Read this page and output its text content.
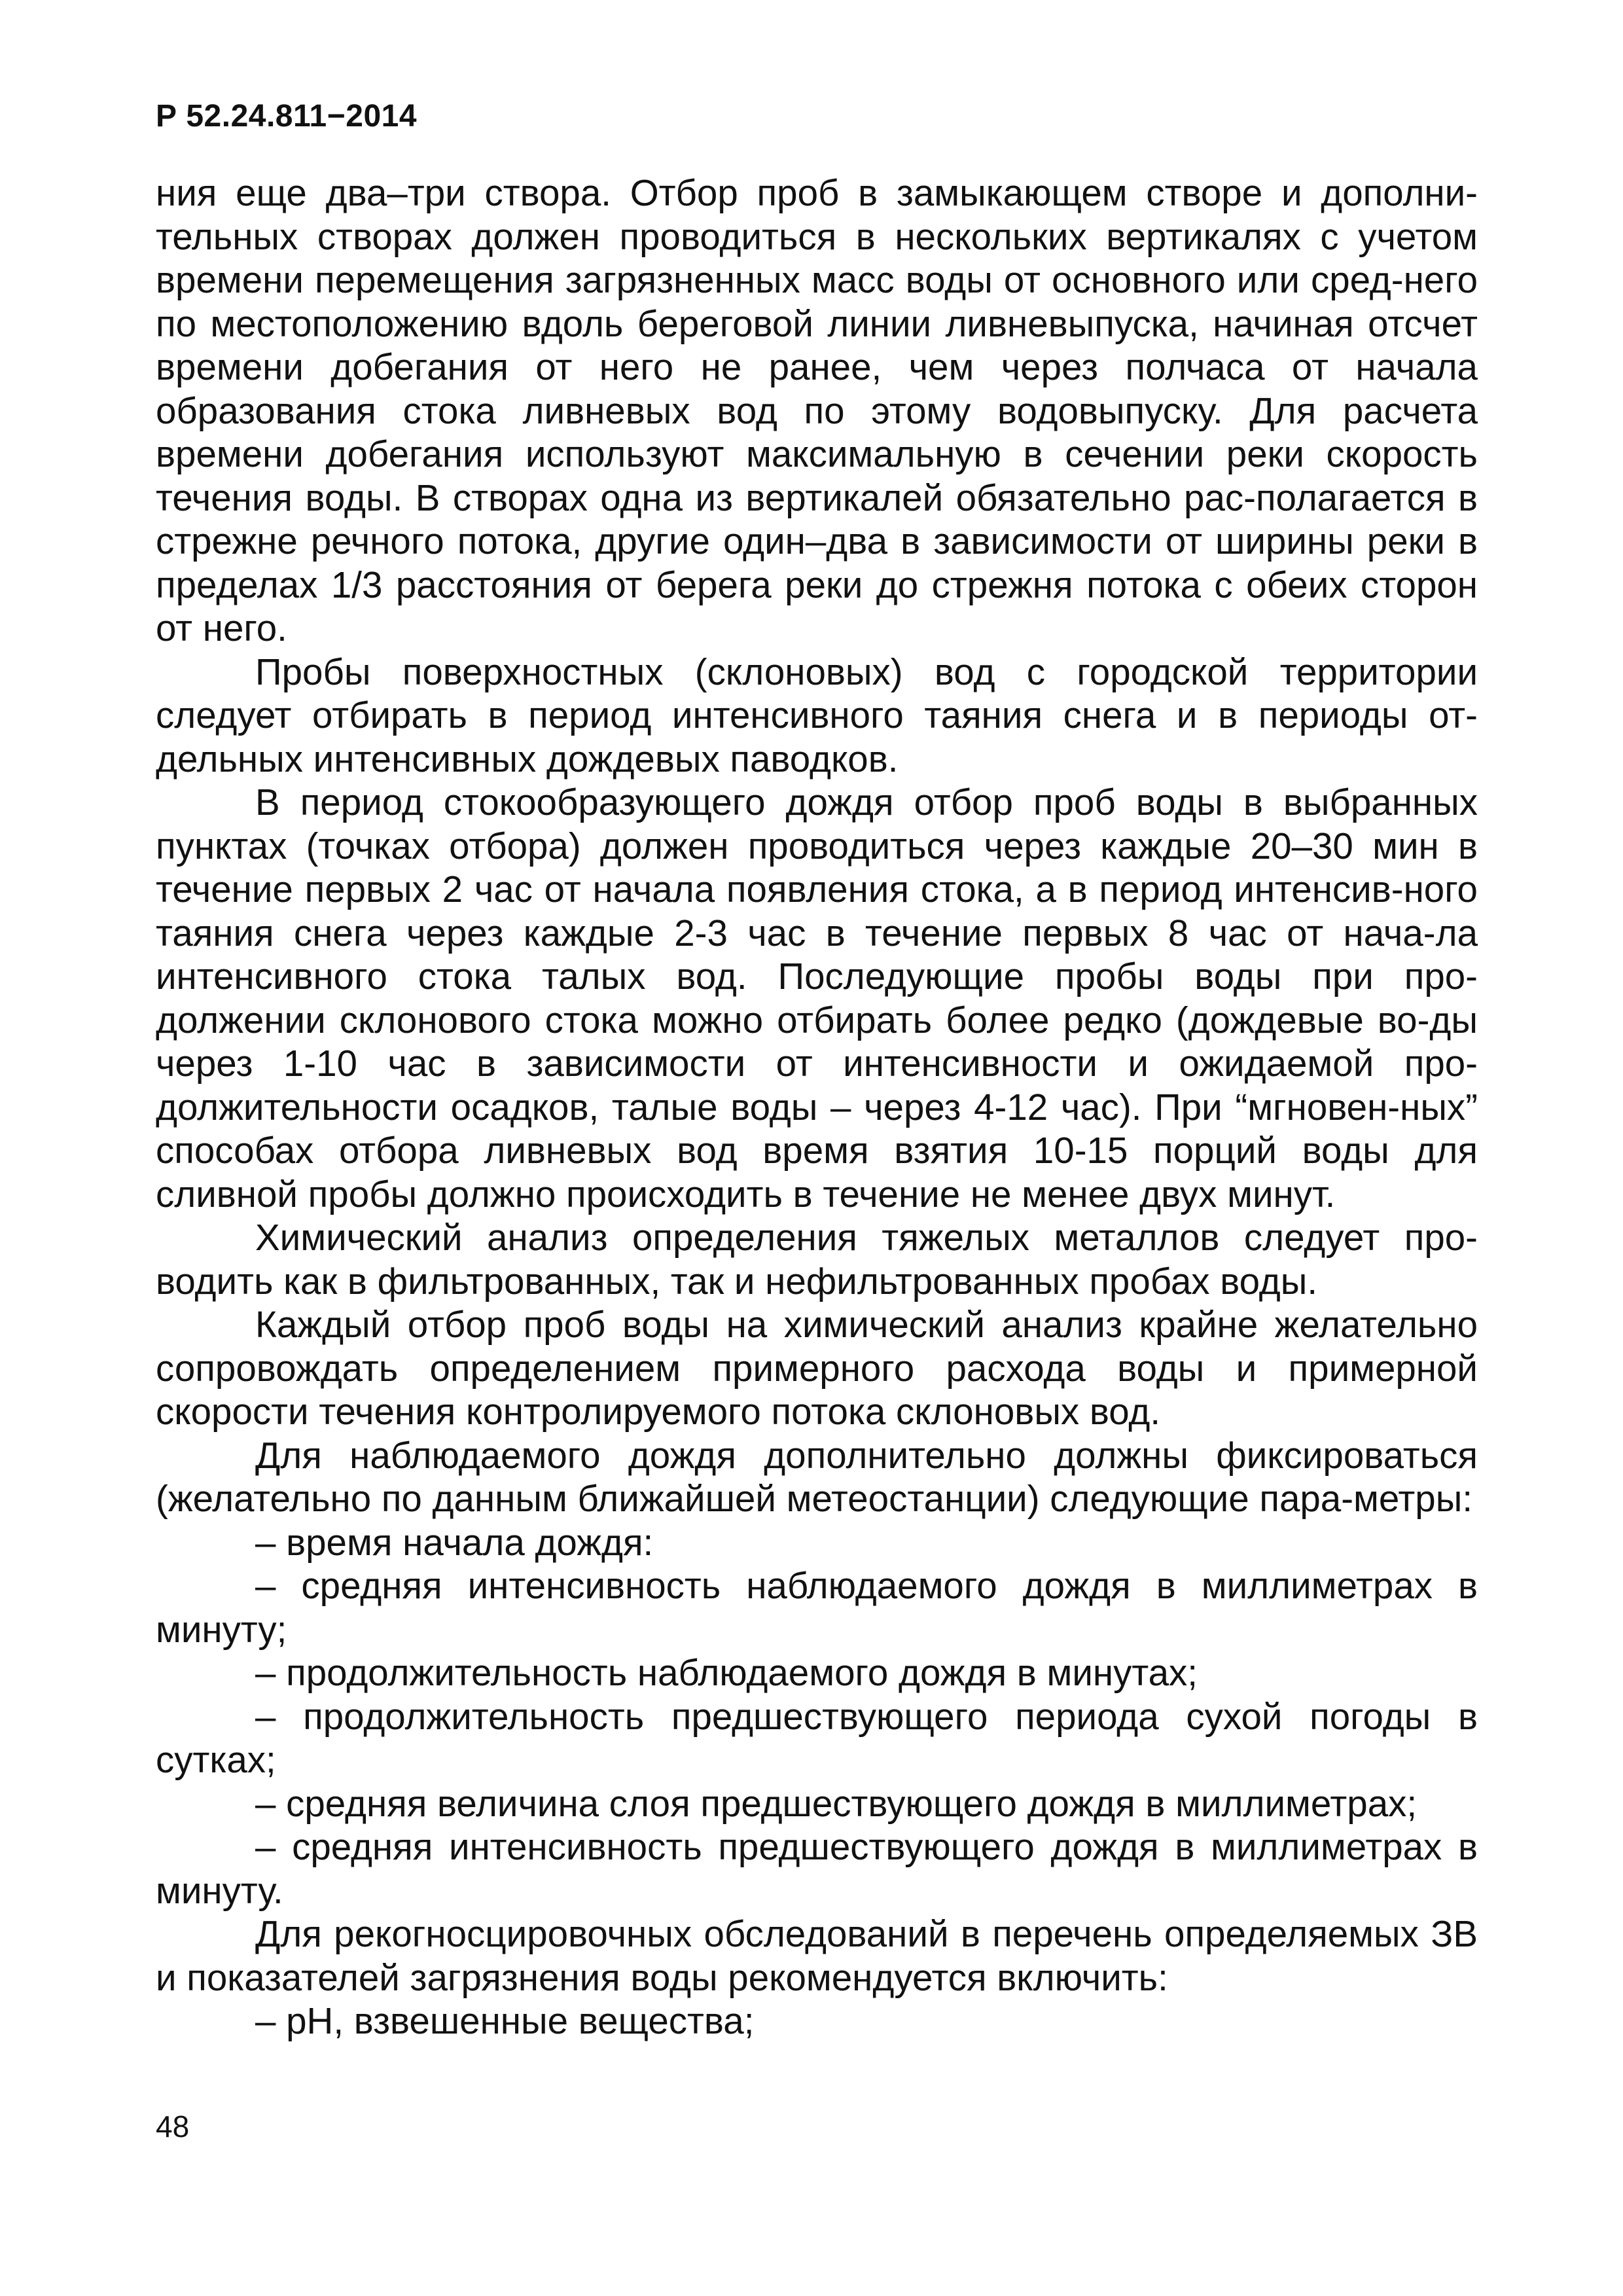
Р 52.24.811−2014

ния еще два–три створа. Отбор проб в замыкающем створе и дополни-тельных створах должен проводиться в нескольких вертикалях с учетом времени перемещения загрязненных масс воды от основного или сред-него по местоположению вдоль береговой линии ливневыпуска, начиная отсчет времени добегания от него не ранее, чем через полчаса от начала образования стока ливневых вод по этому водовыпуску. Для расчета времени добегания используют максимальную в сечении реки скорость течения воды. В створах одна из вертикалей обязательно рас-полагается в стрежне речного потока, другие один–два в зависимости от ширины реки в пределах 1/3 расстояния от берега реки до стрежня потока с обеих сторон от него.

Пробы поверхностных (склоновых) вод с городской территории следует отбирать в период интенсивного таяния снега и в периоды от-дельных интенсивных дождевых паводков.

В период стокообразующего дождя отбор проб воды в выбранных пунктах (точках отбора) должен проводиться через каждые 20–30 мин в течение первых 2 час от начала появления стока, а в период интенсив-ного таяния снега через каждые 2-3 час в течение первых 8 час от нача-ла интенсивного стока талых вод. Последующие пробы воды при про-должении склонового стока можно отбирать более редко (дождевые во-ды через 1-10 час в зависимости от интенсивности и ожидаемой про-должительности осадков, талые воды – через 4-12 час). При “мгновен-ных” способах отбора ливневых вод время взятия 10-15 порций воды для сливной пробы должно происходить в течение не менее двух минут.

Химический анализ определения тяжелых металлов следует про-водить как в фильтрованных, так и нефильтрованных пробах воды.

Каждый отбор проб воды на химический анализ крайне желательно сопровождать определением примерного расхода воды и примерной скорости течения контролируемого потока склоновых вод.

Для наблюдаемого дождя дополнительно должны фиксироваться (желательно по данным ближайшей метеостанции) следующие пара-метры:

– время начала дождя:

– средняя интенсивность наблюдаемого дождя в миллиметрах в минуту;

– продолжительность наблюдаемого дождя в минутах;

– продолжительность предшествующего периода сухой погоды в сутках;

– средняя величина слоя предшествующего дождя в миллиметрах;

– средняя интенсивность предшествующего дождя в миллиметрах в минуту.

Для рекогносцировочных обследований в перечень определяемых ЗВ и показателей загрязнения воды рекомендуется включить:

– pH, взвешенные вещества;

48
